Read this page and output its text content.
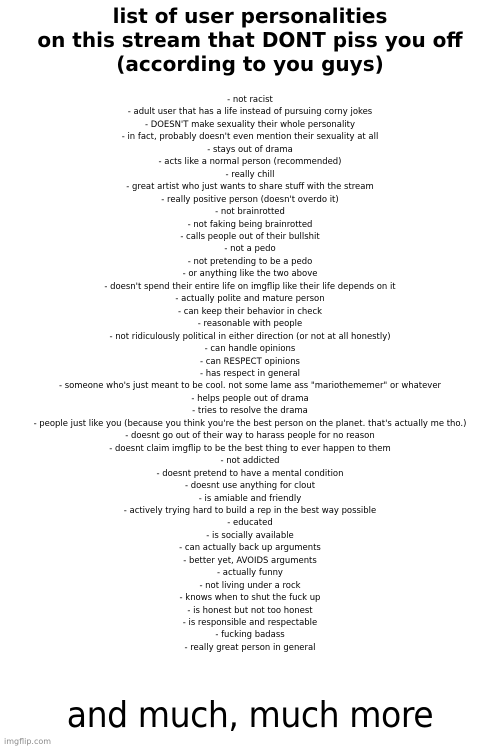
list of user personalities
on this stream that DONT piss you off
(according to you guys)
- not racist
- adult user that has a life instead of pursuing corny jokes
- DOESN'T make sexuality their whole personality
- in fact, probably doesn't even mention their sexuality at all
- stays out of drama
- acts like a normal person (recommended)
- really chill
- great artist who just wants to share stuff with the stream
- really positive person (doesn't overdo it)
- not brainrotted
- not faking being brainrotted
- calls people out of their bullshit
- not a pedo
- not pretending to be a pedo
- or anything like the two above
- doesn't spend their entire life on imgflip like their life depends on it
- actually polite and mature person
- can keep their behavior in check
- reasonable with people
- not ridiculously political in either direction (or not at all honestly)
- can handle opinions
- can RESPECT opinions
- has respect in general
- someone who's just meant to be cool. not some lame ass "mariothememer" or whatever
- helps people out of drama
- tries to resolve the drama
- people just like you (because you think you're the best person on the planet. that's actually me tho.)
- doesnt go out of their way to harass people for no reason
- doesnt claim imgflip to be the best thing to ever happen to them
- not addicted
- doesnt pretend to have a mental condition
- doesnt use anything for clout
- is amiable and friendly
- actively trying hard to build a rep in the best way possible
- educated
- is socially available
- can actually back up arguments
- better yet, AVOIDS arguments
- actually funny
- not living under a rock
- knows when to shut the fuck up
- is honest but not too honest
- is responsible and respectable
- fucking badass
- really great person in general
and much, much more
imgflip.com
